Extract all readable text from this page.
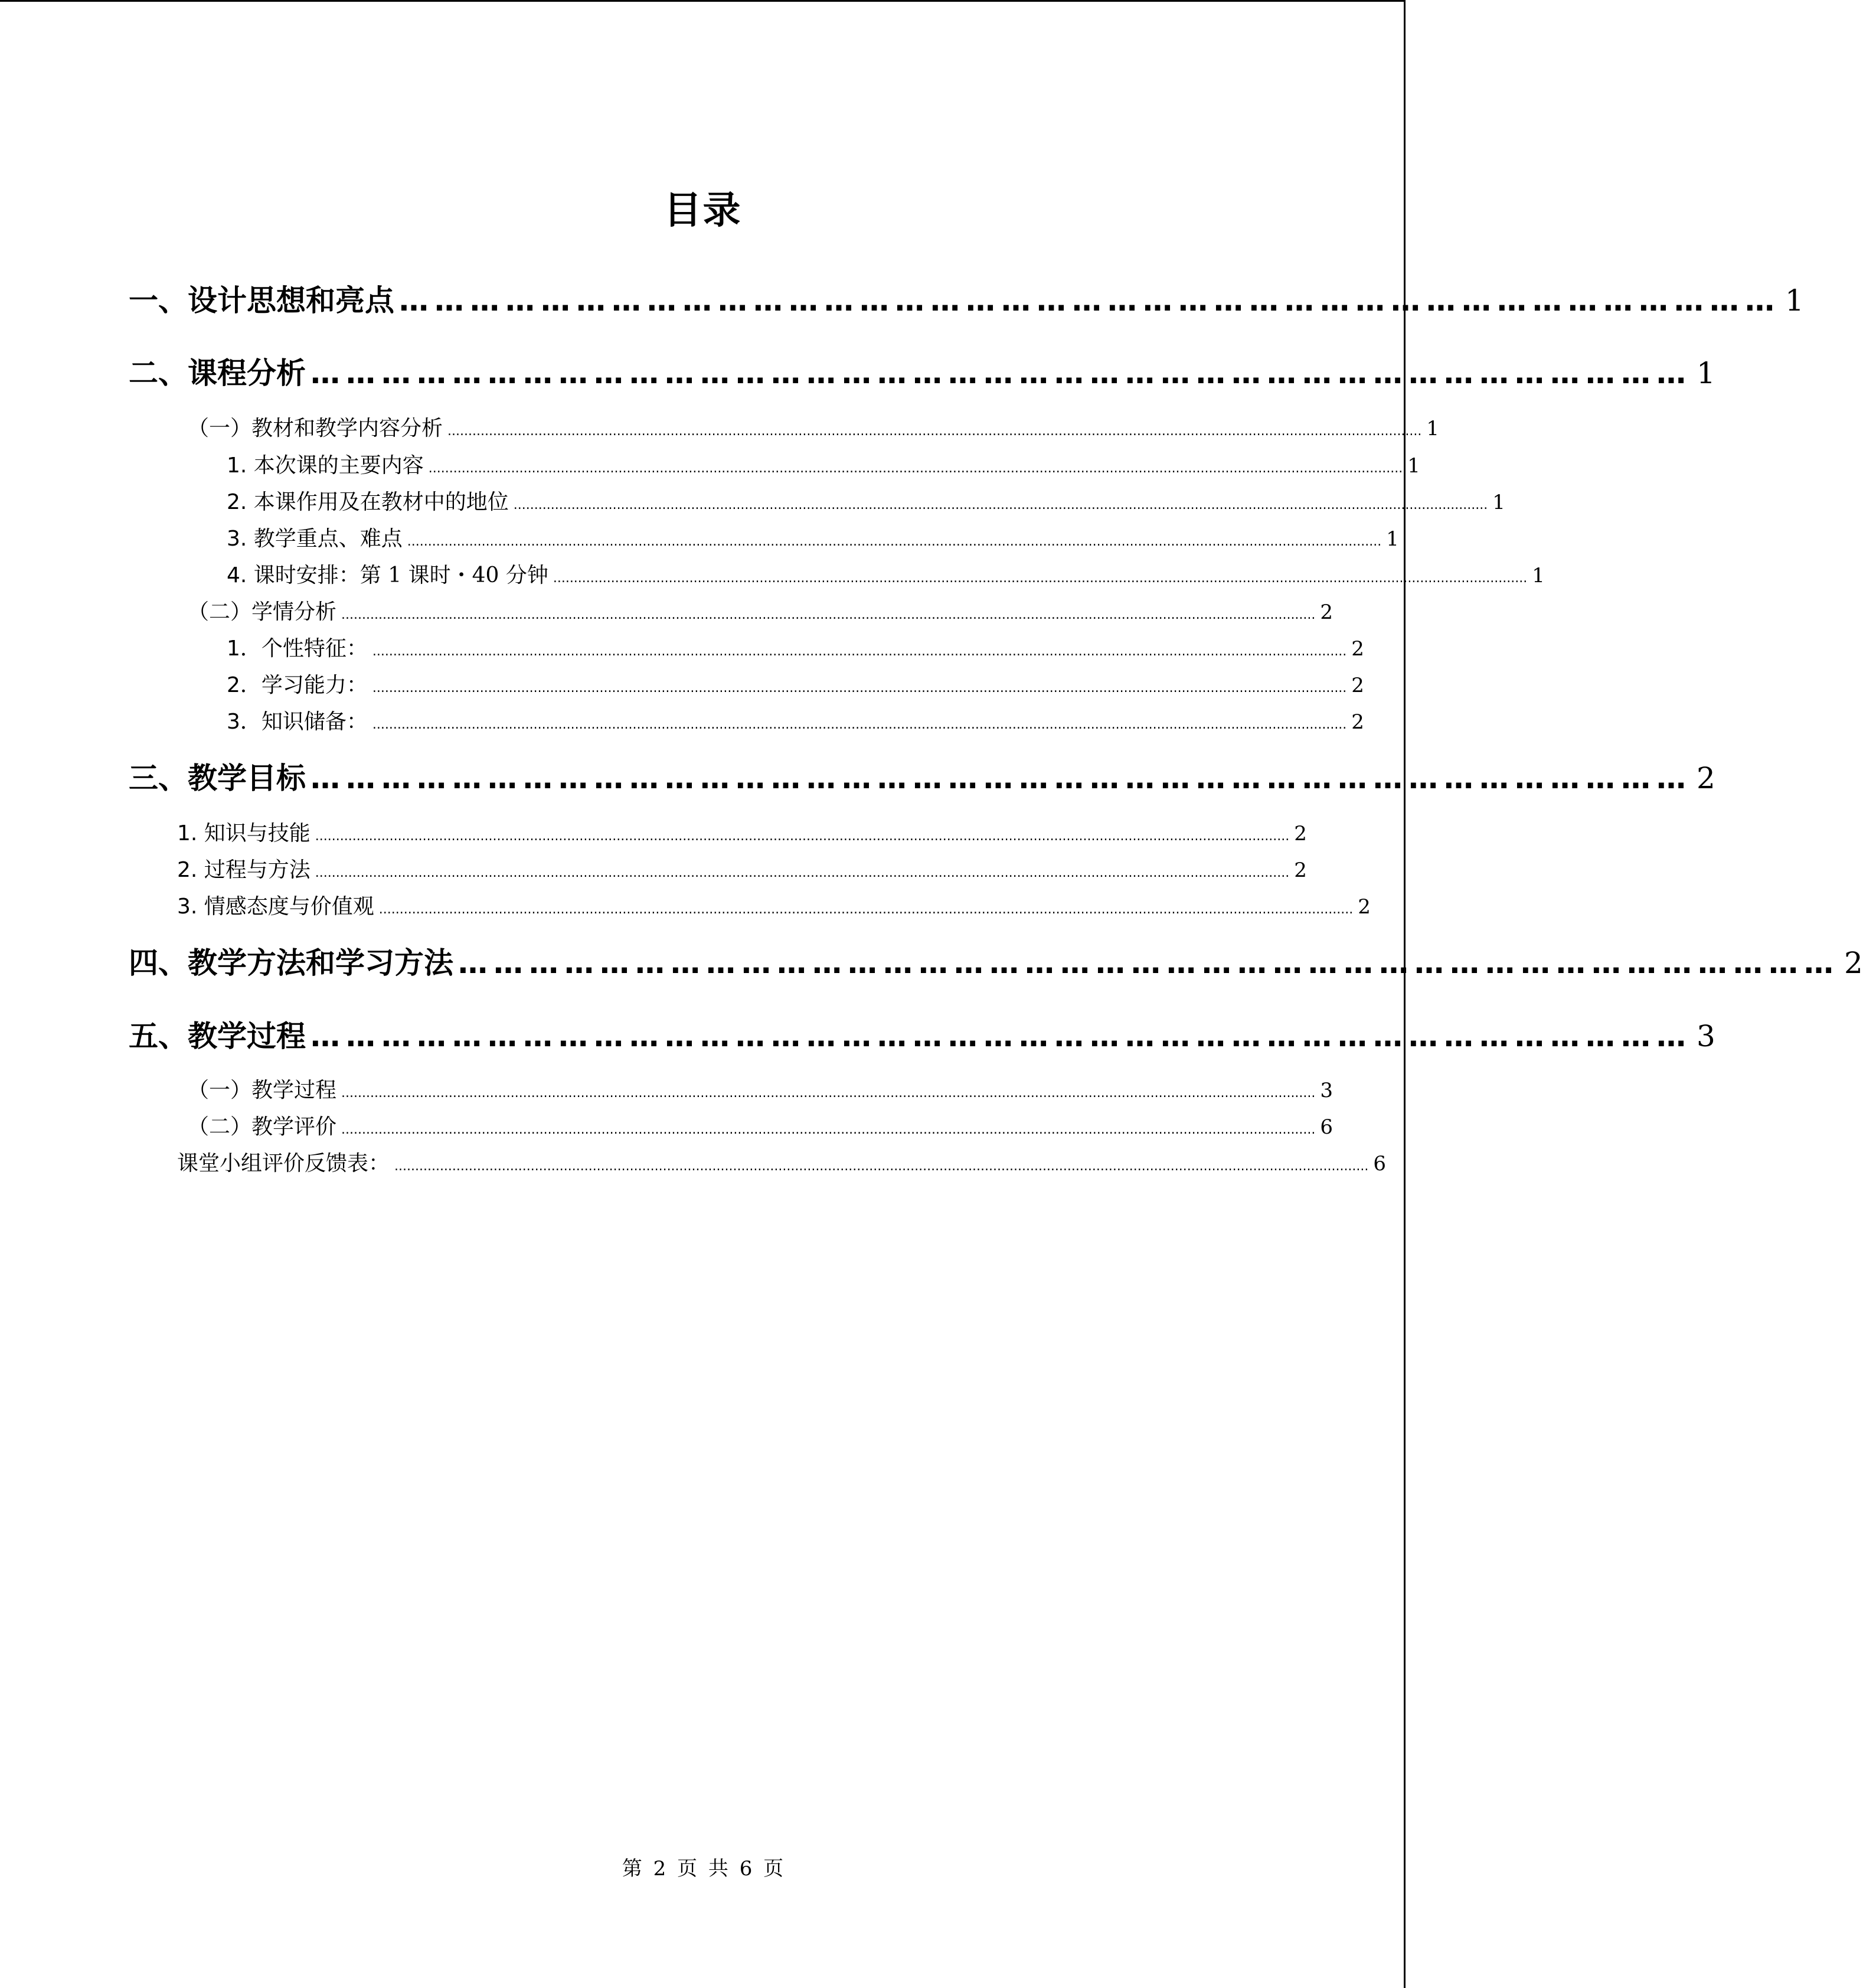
目录
一、设计思想和亮点 ……………………………………………………………………………………………………… 1
二、课程分析 ……………………………………………………………………………………………………… 1
（一）教材和教学内容分析 ............................................................................................................................................................................................................................................ 1
1. 本次课的主要内容 ............................................................................................................................................................................................................................................ 1
2. 本课作用及在教材中的地位 ............................................................................................................................................................................................................................................ 1
3. 教学重点、难点 ............................................................................................................................................................................................................................................ 1
4. 课时安排：第 1 课时・40 分钟 ............................................................................................................................................................................................................................................ 1
（二）学情分析 ............................................................................................................................................................................................................................................ 2
1．个性特征： ............................................................................................................................................................................................................................................ 2
2．学习能力： ............................................................................................................................................................................................................................................ 2
3．知识储备： ............................................................................................................................................................................................................................................ 2
三、教学目标 ……………………………………………………………………………………………………… 2
1. 知识与技能 ............................................................................................................................................................................................................................................ 2
2. 过程与方法 ............................................................................................................................................................................................................................................ 2
3. 情感态度与价值观 ............................................................................................................................................................................................................................................ 2
四、教学方法和学习方法 ……………………………………………………………………………………………………… 2
五、教学过程 ……………………………………………………………………………………………………… 3
（一）教学过程 ............................................................................................................................................................................................................................................ 3
（二）教学评价 ............................................................................................................................................................................................................................................ 6
课堂小组评价反馈表： ............................................................................................................................................................................................................................................ 6
第 2 页 共 6 页
